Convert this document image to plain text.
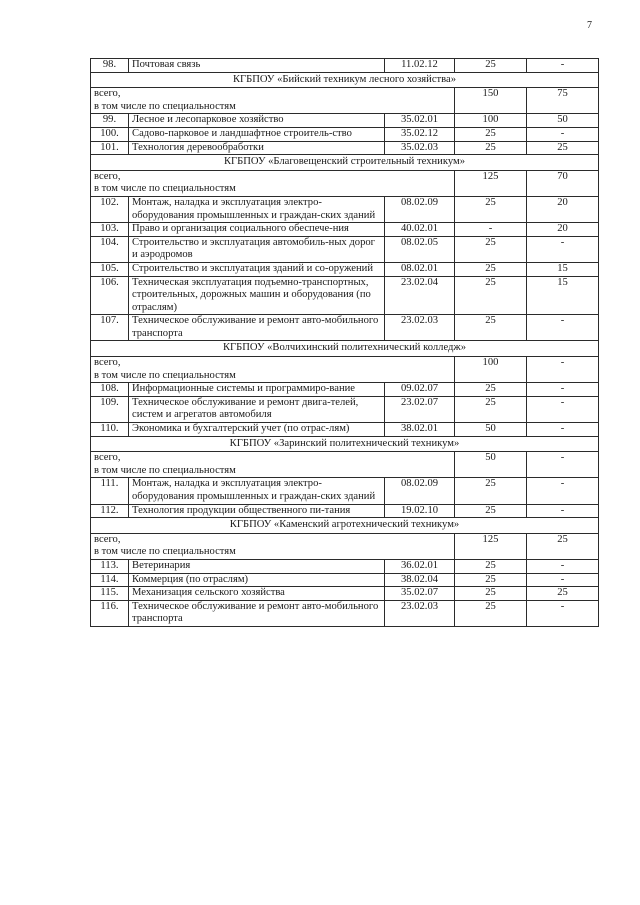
7
98.	Почтовая связь	11.02.12	25	-
КГБПОУ «Бийский техникум лесного хозяйства»				

всего,
в том числе по специальностям			150	75
99.	Лесное и лесопарковое хозяйство	35.02.01	100	50
100.	Садово-парковое и ландшафтное строитель-ство	35.02.12	25	-
101.	Технология деревообработки	35.02.03	25	25
КГБПОУ «Благовещенский строительный техникум»				

всего,
в том числе по специальностям			125	70
102.	Монтаж, наладка и эксплуатация электро-оборудования промышленных и граждан-ских зданий	08.02.09	25	20
103.	Право и организация социального обеспече-ния	40.02.01	-	20
104.	Строительство и эксплуатация автомобиль-ных дорог и аэродромов	08.02.05	25	-
105.	Строительство и эксплуатация зданий и со-оружений	08.02.01	25	15
106.	Техническая эксплуатация подъемно-транспортных, строительных, дорожных машин и оборудования (по отраслям)	23.02.04	25	15
107.	Техническое обслуживание и ремонт авто-мобильного транспорта	23.02.03	25	-
КГБПОУ «Волчихинский политехнический колледж»				

всего,
в том числе по специальностям			100	-
108.	Информационные системы и программиро-вание	09.02.07	25	-
109.	Техническое обслуживание и ремонт двига-телей, систем и агрегатов автомобиля	23.02.07	25	-
110.	Экономика и бухгалтерский учет (по отрас-лям)	38.02.01	50	-
КГБПОУ «Заринский политехнический техникум»				

всего,
в том числе по специальностям			50	-
111.	Монтаж, наладка и эксплуатация электро-оборудования промышленных и граждан-ских зданий	08.02.09	25	-
112.	Технология продукции общественного пи-тания	19.02.10	25	-
КГБПОУ «Каменский агротехнический техникум»				

всего,
в том числе по специальностям			125	25
113.	Ветеринария	36.02.01	25	-
114.	Коммерция (по отраслям)	38.02.04	25	-
115.	Механизация сельского хозяйства	35.02.07	25	25
116.	Техническое обслуживание и ремонт авто-мобильного транспорта	23.02.03	25	-
